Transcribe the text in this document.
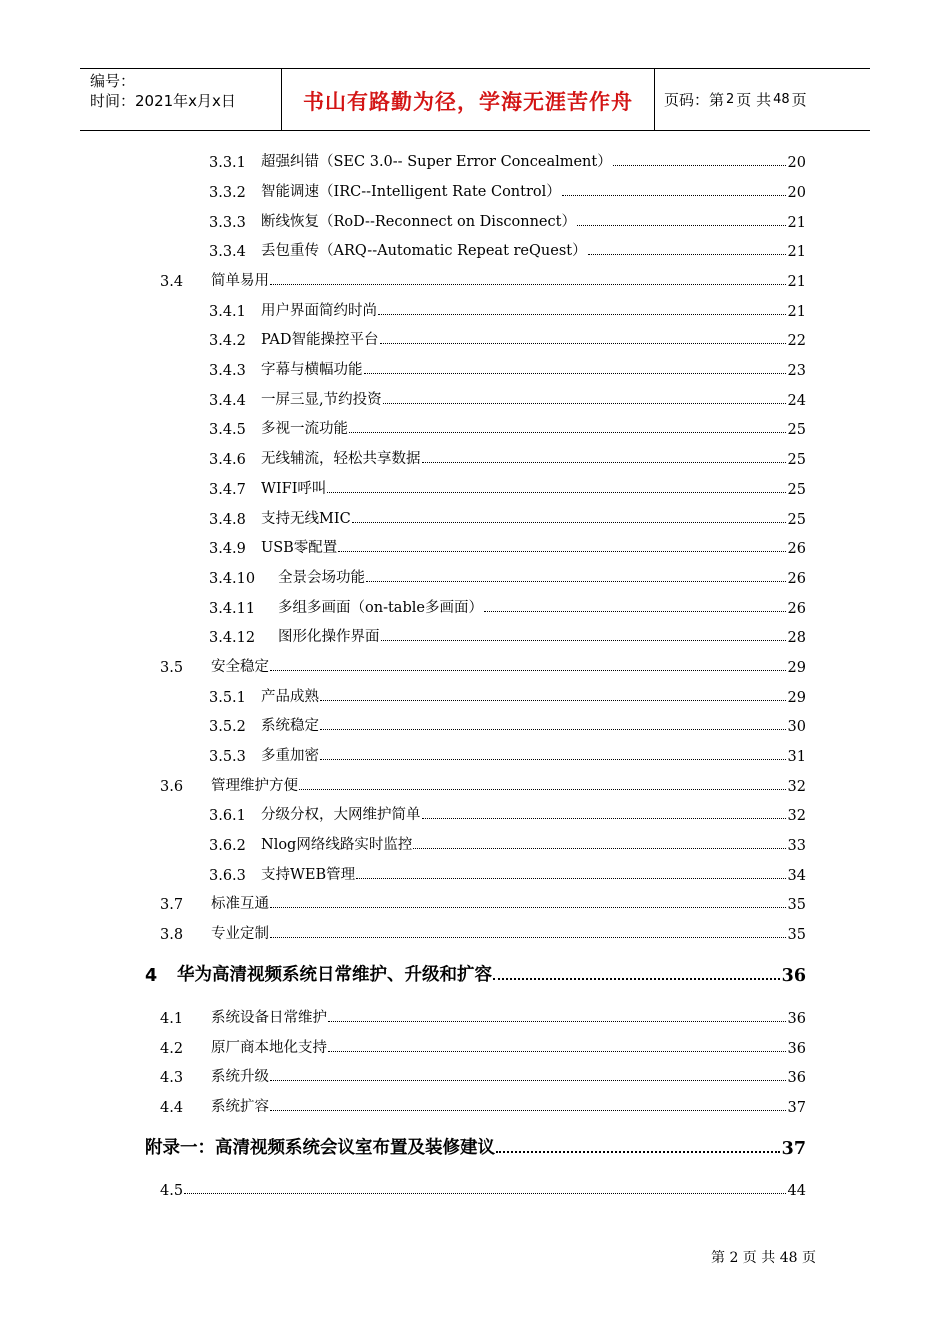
编号：
时间：2021年x月x日	书山有路勤为径，学海无涯苦作舟	页码：第 2 页 共 48 页
3.3.1	超强纠错（SEC 3.0-- Super Error Concealment）	20
3.3.2	智能调速（IRC--Intelligent Rate Control）	20
3.3.3	断线恢复（RoD--Reconnect on Disconnect）	21
3.3.4	丢包重传（ARQ--Automatic Repeat reQuest）	21
3.4	简单易用	21
3.4.1	用户界面简约时尚	21
3.4.2	PAD智能操控平台	22
3.4.3	字幕与横幅功能	23
3.4.4	一屏三显,节约投资	24
3.4.5	多视一流功能	25
3.4.6	无线辅流，轻松共享数据	25
3.4.7	WIFI呼叫	25
3.4.8	支持无线MIC	25
3.4.9	USB零配置	26
3.4.10	全景会场功能	26
3.4.11	多组多画面（on-table多画面）	26
3.4.12	图形化操作界面	28
3.5	安全稳定	29
3.5.1	产品成熟	29
3.5.2	系统稳定	30
3.5.3	多重加密	31
3.6	管理维护方便	32
3.6.1	分级分权，大网维护简单	32
3.6.2	Nlog网络线路实时监控	33
3.6.3	支持WEB管理	34
3.7	标准互通	35
3.8	专业定制	35
4	华为高清视频系统日常维护、升级和扩容	36
4.1	系统设备日常维护	36
4.2	原厂商本地化支持	36
4.3	系统升级	36
4.4	系统扩容	37
附录一：高清视频系统会议室布置及装修建议	37
4.5	44
第 2 页 共 48 页
